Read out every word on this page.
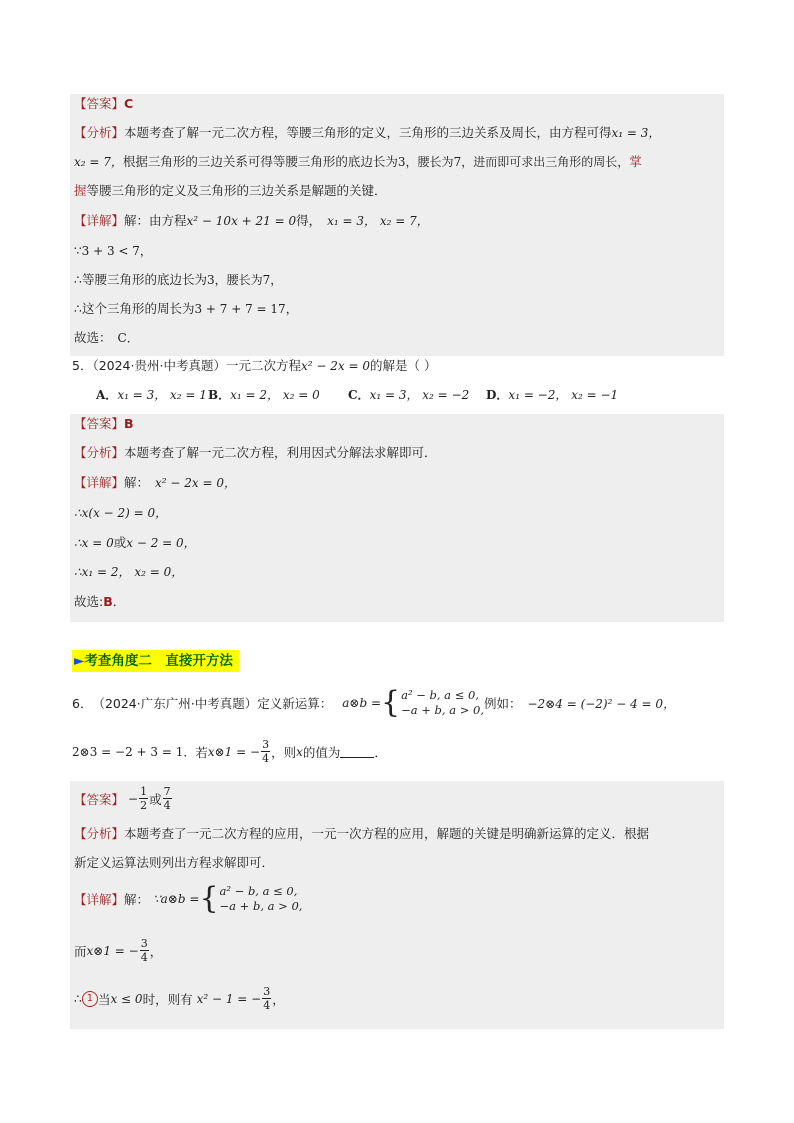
【答案】C
【分析】本题考查了解一元二次方程，等腰三角形的定义，三角形的三边关系及周长，由方程可得x₁ = 3，
x₂ = 7，根据三角形的三边关系可得等腰三角形的底边长为3，腰长为7，进而即可求出三角形的周长，掌
握等腰三角形的定义及三角形的三边关系是解题的关键．
【详解】解：由方程x² − 10x + 21 = 0得， x₁ = 3， x₂ = 7，
∵3 + 3 < 7，
∴等腰三角形的底边长为3，腰长为7，
∴这个三角形的周长为3 + 7 + 7 = 17，
故选： C．
5．（2024·贵州·中考真题）一元二次方程x² − 2x = 0的解是（ ）
A．x₁ = 3， x₂ = 1 B．x₁ = 2， x₂ = 0 C．x₁ = 3， x₂ = −2 D．x₁ = −2， x₂ = −1
【答案】B
【分析】本题考查了解一元二次方程，利用因式分解法求解即可．
【详解】解： x² − 2x = 0，
∴x(x − 2) = 0，
∴x = 0或x − 2 = 0，
∴x₁ = 2， x₂ = 0，
故选:B．
►考查角度二　直接开方法
6． （2024·广东广州·中考真题） 定义新运算： a⊗b = { a² − b, a ≤ 0,
−a + b, a > 0, 例如： −2⊗4 = (−2)² − 4 = 0，
2⊗3 = −2 + 3 = 1． 若 x⊗1 = − $\frac{3}{4}$ ，则 x 的值为	．
【答案】 − $\frac{1}{2}$ 或 $\frac{7}{4}$
【分析】本题考查了一元二次方程的应用，一元一次方程的应用，解题的关键是明确新运算的定义．根据
新定义运算法则列出方程求解即可．
【详解】 解： ∵a⊗b = { a² − b, a ≤ 0,
−a + b, a > 0,
而 x⊗1 = − $\frac{3}{4}$ ，
∴ 1 当 x ≤ 0 时，则有 x² − 1 = − $\frac{3}{4}$ ，
